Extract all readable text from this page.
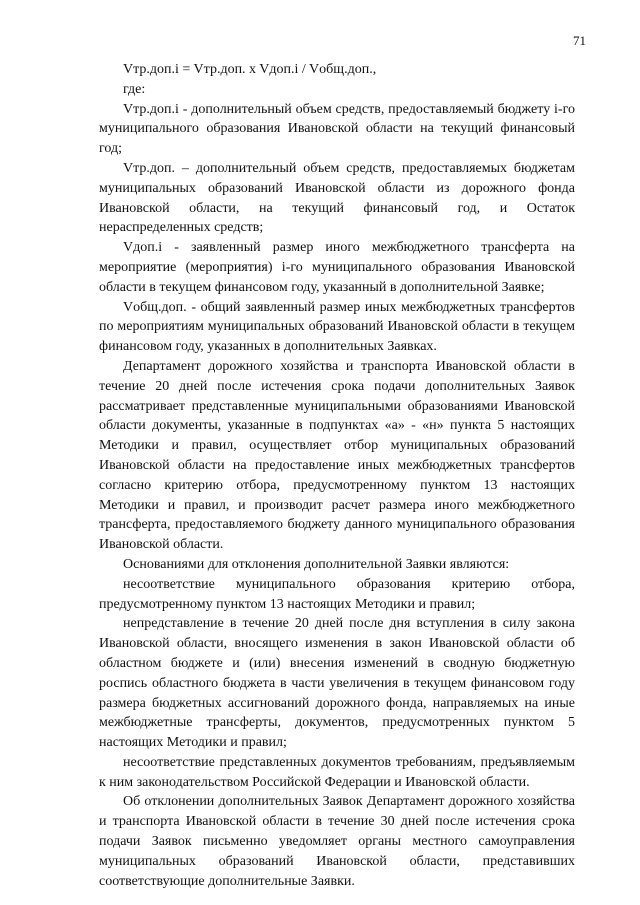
71

Vтр.доп.i = Vтр.доп. x Vдоп.i / Vобщ.доп.,

где:

Vтр.доп.i - дополнительный объем средств, предоставляемый бюджету i-го муниципального образования Ивановской области на текущий финансовый год;

Vтр.доп. – дополнительный объем средств, предоставляемых бюджетам муниципальных образований Ивановской области из дорожного фонда Ивановской области, на текущий финансовый год, и Остаток нераспределенных средств;

Vдоп.i - заявленный размер иного межбюджетного трансферта на мероприятие (мероприятия) i-го муниципального образования Ивановской области в текущем финансовом году, указанный в дополнительной Заявке;

Vобщ.доп. - общий заявленный размер иных межбюджетных трансфертов по мероприятиям муниципальных образований Ивановской области в текущем финансовом году, указанных в дополнительных Заявках.

Департамент дорожного хозяйства и транспорта Ивановской области в течение 20 дней после истечения срока подачи дополнительных Заявок рассматривает представленные муниципальными образованиями Ивановской области документы, указанные в подпунктах «а» - «н» пункта 5 настоящих Методики и правил, осуществляет отбор муниципальных образований Ивановской области на предоставление иных межбюджетных трансфертов согласно критерию отбора, предусмотренному пунктом 13 настоящих Методики и правил, и производит расчет размера иного межбюджетного трансферта, предоставляемого бюджету данного муниципального образования Ивановской области.

Основаниями для отклонения дополнительной Заявки являются:

несоответствие муниципального образования критерию отбора, предусмотренному пунктом 13 настоящих Методики и правил;

непредставление в течение 20 дней после дня вступления в силу закона Ивановской области, вносящего изменения в закон Ивановской области об областном бюджете и (или) внесения изменений в сводную бюджетную роспись областного бюджета в части увеличения в текущем финансовом году размера бюджетных ассигнований дорожного фонда, направляемых на иные межбюджетные трансферты, документов, предусмотренных пунктом 5 настоящих Методики и правил;

несоответствие представленных документов требованиям, предъявляемым к ним законодательством Российской Федерации и Ивановской области.

Об отклонении дополнительных Заявок Департамент дорожного хозяйства и транспорта Ивановской области в течение 30 дней после истечения срока подачи Заявок письменно уведомляет органы местного самоуправления муниципальных образований Ивановской области, представивших соответствующие дополнительные Заявки.
